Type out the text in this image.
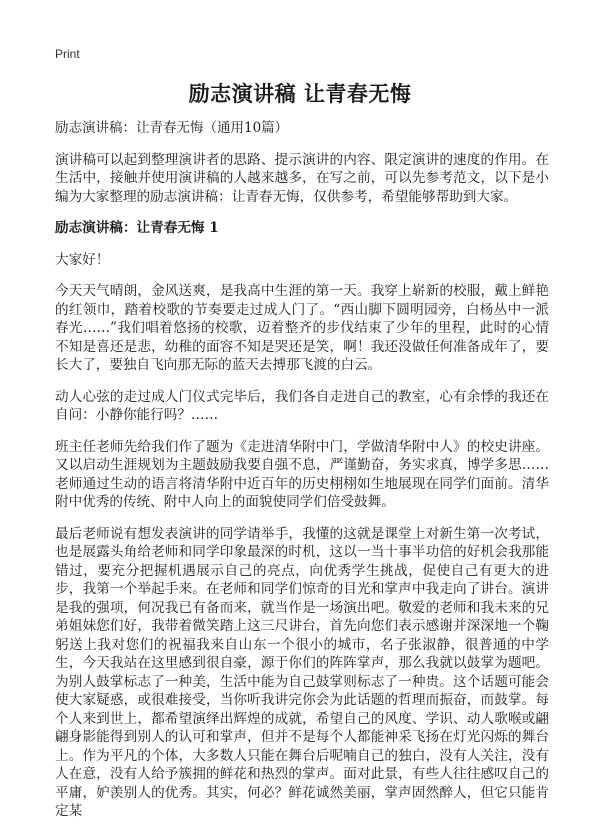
Print
励志演讲稿 让青春无悔

励志演讲稿：让青春无悔（通用10篇）

演讲稿可以起到整理演讲者的思路、提示演讲的内容、限定演讲的速度的作用。在生活中，接触并使用演讲稿的人越来越多，在写之前，可以先参考范文，以下是小编为大家整理的励志演讲稿：让青春无悔，仅供参考，希望能够帮助到大家。

励志演讲稿：让青春无悔 1

大家好！

今天天气晴朗，金风送爽，是我高中生涯的第一天。我穿上崭新的校服，戴上鲜艳的红领巾，踏着校歌的节奏要走过成人门了。“西山脚下圆明园旁，白杨丛中一派春光……”我们唱着悠扬的校歌，迈着整齐的步伐结束了少年的里程，此时的心情不知是喜还是悲，幼稚的面容不知是哭还是笑，啊！我还没做任何准备成年了，要长大了，要独自飞向那无际的蓝天去搏那飞渡的白云。

动人心弦的走过成人门仪式完毕后，我们各自走进自己的教室，心有余悸的我还在自问：小静你能行吗？……

班主任老师先给我们作了题为《走进清华附中门，学做清华附中人》的校史讲座。又以启动生涯规划为主题鼓励我要自强不息，严谨勤奋，务实求真，博学多思……老师通过生动的语言将清华附中近百年的历史栩栩如生地展现在同学们面前。清华附中优秀的传统、附中人向上的面貌使同学们倍受鼓舞。

最后老师说有想发表演讲的同学请举手，我懂的这就是课堂上对新生第一次考试，也是展露头角给老师和同学印象最深的时机，这以一当十事半功倍的好机会我那能错过，要充分把握机遇展示自己的亮点，向优秀学生挑战，促使自己有更大的进步，我第一个举起手来。在老师和同学们惊奇的目光和掌声中我走向了讲台。演讲是我的强项，何况我已有备而来，就当作是一场演出吧。敬爱的老师和我未来的兄弟姐妹您们好，我带着微笑踏上这三尺讲台，首先向您们表示感谢并深深地一个鞠躬送上我对您们的祝福我来自山东一个很小的城市，名子张淑静，很普通的中学生，今天我站在这里感到很自豪，源于你们的阵阵掌声，那么我就以鼓掌为题吧。为别人鼓掌标志了一种美，生活中能为自己鼓掌则标志了一种贵。这个话题可能会使大家疑惑，或很难接受，当你听我讲完你会为此话题的哲理而振奋，而鼓掌。每个人来到世上，都希望演绎出辉煌的成就，希望自己的风度、学识、动人歌喉或翩翩身影能得到别人的认可和掌声，但并不是每个人都能神采飞扬在灯光闪烁的舞台上。作为平凡的个体，大多数人只能在舞台后呢喃自己的独白，没有人关注，没有人在意，没有人给予簇拥的鲜花和热烈的掌声。面对此景，有些人往往感叹自己的平庸，妒羡别人的优秀。其实，何必？鲜花诚然美丽，掌声固然醉人，但它只能肯定某
